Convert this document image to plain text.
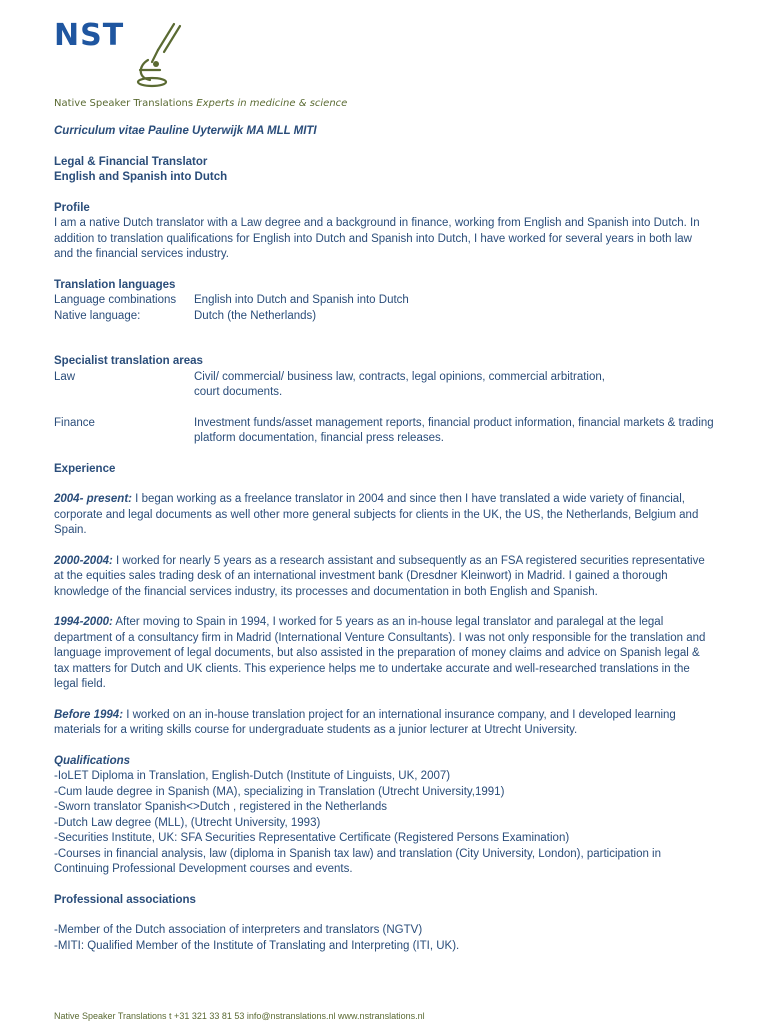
NST
Native Speaker Translations Experts in medicine & science

Curriculum vitae Pauline Uyterwijk MA MLL MITI

Legal & Financial Translator

English and Spanish into Dutch

Profile

I am a native Dutch translator with a Law degree and a background in finance, working from English and Spanish into Dutch. In addition to translation qualifications for English into Dutch and Spanish into Dutch, I have worked for several years in both law and the financial services industry.

Translation languages

Language combinations	English into Dutch and Spanish into Dutch
Native language:	Dutch (the Netherlands)

Specialist translation areas

Law	Civil/ commercial/ business law, contracts, legal opinions, commercial arbitration, court documents.
Finance	Investment funds/asset management reports, financial product information, financial markets & trading platform documentation, financial press releases.

Experience

2004- present: I began working as a freelance translator in 2004 and since then I have translated a wide variety of financial, corporate and legal documents as well other more general subjects for clients in the UK, the US, the Netherlands, Belgium and Spain.

2000-2004: I worked for nearly 5 years as a research assistant and subsequently as an FSA registered securities representative at the equities sales trading desk of an international investment bank (Dresdner Kleinwort) in Madrid. I gained a thorough knowledge of the financial services industry, its processes and documentation in both English and Spanish.

1994-2000: After moving to Spain in 1994, I worked for 5 years as an in-house legal translator and paralegal at the legal department of a consultancy firm in Madrid (International Venture Consultants). I was not only responsible for the translation and language improvement of legal documents, but also assisted in the preparation of money claims and advice on Spanish legal & tax matters for Dutch and UK clients. This experience helps me to undertake accurate and well-researched translations in the legal field.

Before 1994: I worked on an in-house translation project for an international insurance company, and I developed learning materials for a writing skills course for undergraduate students as a junior lecturer at Utrecht University.

Qualifications

-IoLET Diploma in Translation, English-Dutch (Institute of Linguists, UK, 2007)

-Cum laude degree in Spanish (MA), specializing in Translation (Utrecht University,1991)

-Sworn translator Spanish<>Dutch , registered in the Netherlands

-Dutch Law degree (MLL), (Utrecht University, 1993)

-Securities Institute, UK: SFA Securities Representative Certificate (Registered Persons Examination)

-Courses in financial analysis, law (diploma in Spanish tax law) and translation (City University, London), participation in Continuing Professional Development courses and events.

Professional associations

-Member of the Dutch association of interpreters and translators (NGTV)

-MITI: Qualified Member of the Institute of Translating and Interpreting (ITI, UK).

Native Speaker Translations t +31 321 33 81 53 info@nstranslations.nl www.nstranslations.nl
